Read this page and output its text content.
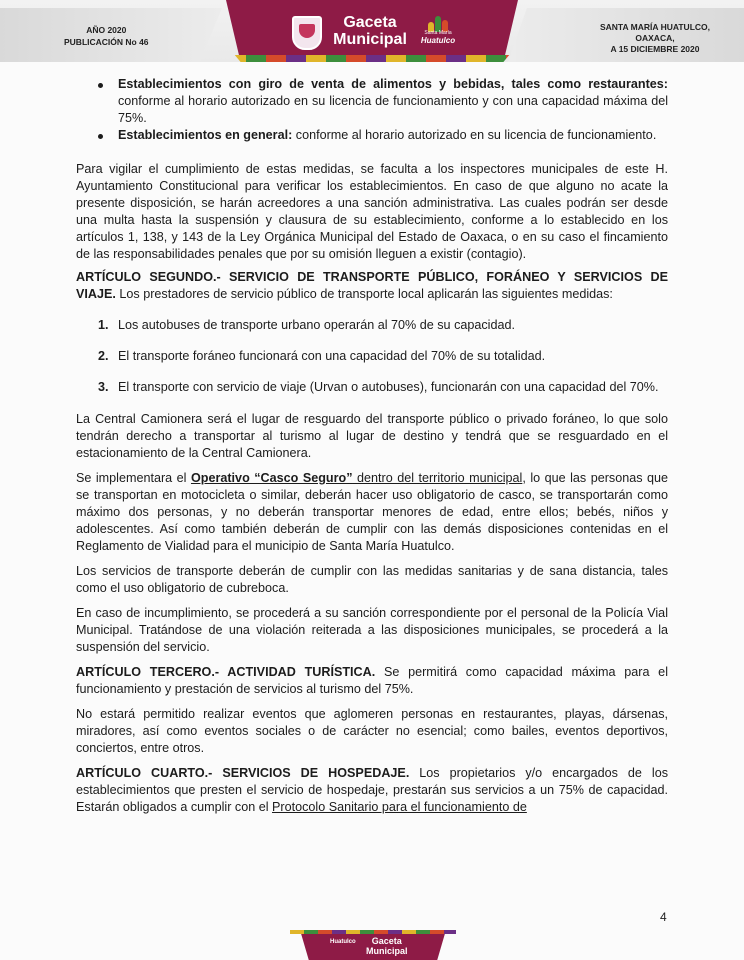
AÑO 2020
PUBLICACIÓN No 46
Gaceta
Municipal	Santa María
Huatulco
SANTA MARÍA HUATULCO,
OAXACA,
A 15 DICIEMBRE 2020
Establecimientos con giro de venta de alimentos y bebidas, tales como restaurantes: conforme al horario autorizado en su licencia de funcionamiento y con una capacidad máxima del 75%.
Establecimientos en general: conforme al horario autorizado en su licencia de funcionamiento.

Para vigilar el cumplimiento de estas medidas, se faculta a los inspectores municipales de este H. Ayuntamiento Constitucional para verificar los establecimientos. En caso de que alguno no acate la presente disposición, se harán acreedores a una sanción administrativa. Las cuales podrán ser desde una multa hasta la suspensión y clausura de su establecimiento, conforme a lo establecido en los artículos 1, 138, y 143 de la Ley Orgánica Municipal del Estado de Oaxaca, o en su caso el fincamiento de las responsabilidades penales que por su omisión lleguen a existir (contagio).

ARTÍCULO SEGUNDO.- SERVICIO DE TRANSPORTE PÚBLICO, FORÁNEO Y SERVICIOS DE VIAJE. Los prestadores de servicio público de transporte local aplicarán las siguientes medidas:

1. Los autobuses de transporte urbano operarán al 70% de su capacidad.
2. El transporte foráneo funcionará con una capacidad del 70% de su totalidad.
3. El transporte con servicio de viaje (Urvan o autobuses), funcionarán con una capacidad del 70%.

La Central Camionera será el lugar de resguardo del transporte público o privado foráneo, lo que solo tendrán derecho a transportar al turismo al lugar de destino y tendrá que se resguardado en el estacionamiento de la Central Camionera.

Se implementara el Operativo “Casco Seguro” dentro del territorio municipal, lo que las personas que se transportan en motocicleta o similar, deberán hacer uso obligatorio de casco, se transportarán como máximo dos personas, y no deberán transportar menores de edad, entre ellos; bebés, niños y adolescentes. Así como también deberán de cumplir con las demás disposiciones contenidas en el Reglamento de Vialidad para el municipio de Santa María Huatulco.

Los servicios de transporte deberán de cumplir con las medidas sanitarias y de sana distancia, tales como el uso obligatorio de cubreboca.

En caso de incumplimiento, se procederá a su sanción correspondiente por el personal de la Policía Vial Municipal. Tratándose de una violación reiterada a las disposiciones municipales, se procederá a la suspensión del servicio.

ARTÍCULO TERCERO.- ACTIVIDAD TURÍSTICA. Se permitirá como capacidad máxima para el funcionamiento y prestación de servicios al turismo del 75%.

No estará permitido realizar eventos que aglomeren personas en restaurantes, playas, dársenas, miradores, así como eventos sociales o de carácter no esencial; como bailes, eventos deportivos, conciertos, entre otros.

ARTÍCULO CUARTO.- SERVICIOS DE HOSPEDAJE. Los propietarios y/o encargados de los establecimientos que presten el servicio de hospedaje, prestarán sus servicios a un 75% de capacidad. Estarán obligados a cumplir con el Protocolo Sanitario para el funcionamiento de

4
Huatulco	Gaceta
Municipal
